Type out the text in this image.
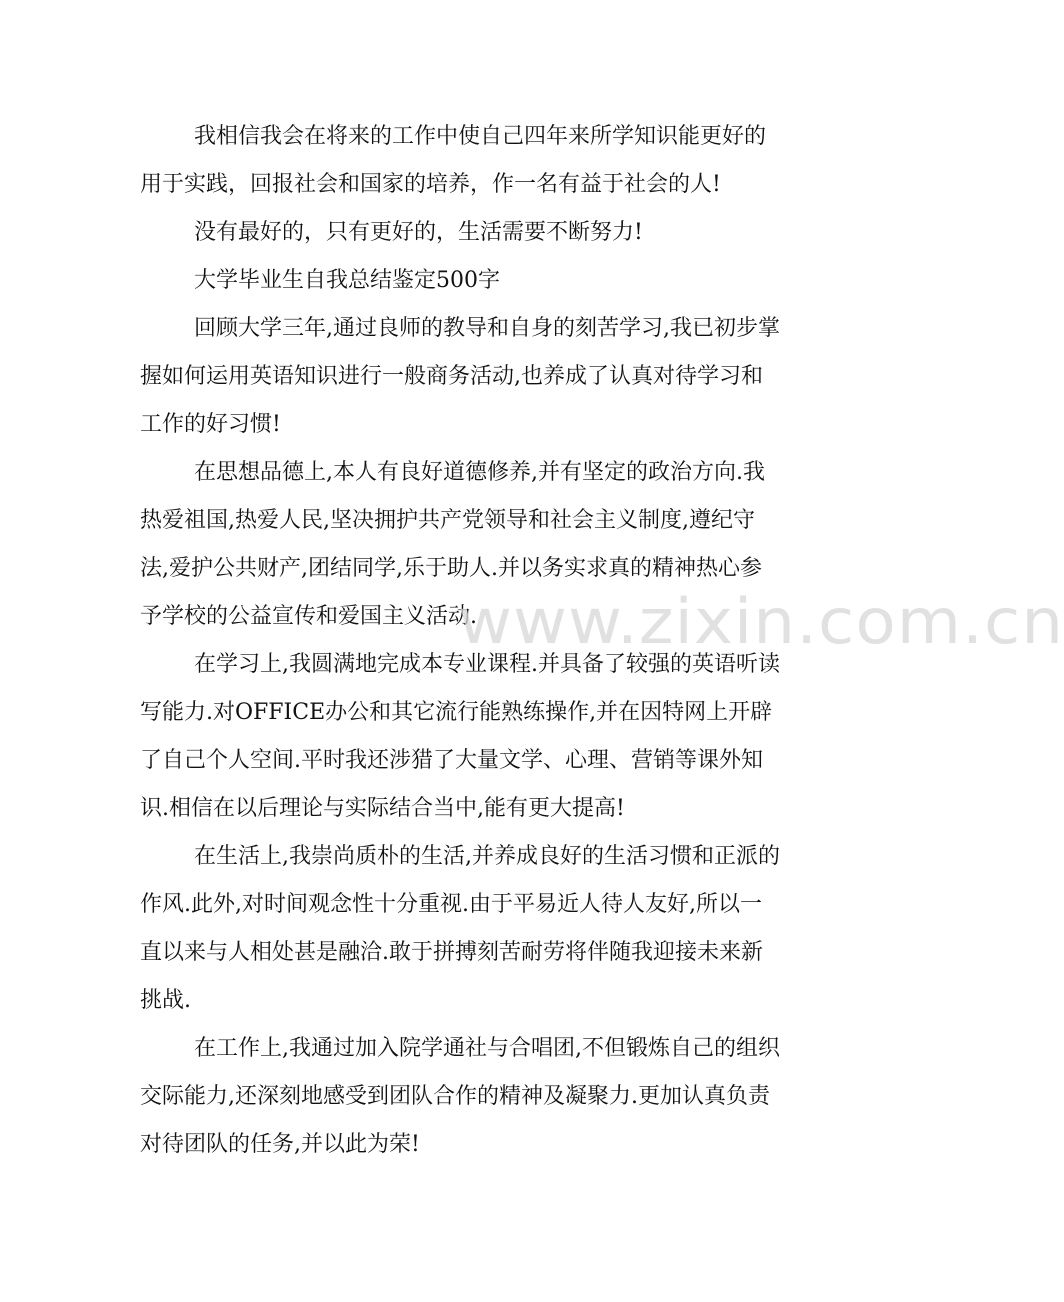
我相信我会在将来的工作中使自己四年来所学知识能更好的用于实践，回报社会和国家的培养，作一名有益于社会的人!

没有最好的，只有更好的，生活需要不断努力!

大学毕业生自我总结鉴定500字

回顾大学三年,通过良师的教导和自身的刻苦学习,我已初步掌握如何运用英语知识进行一般商务活动,也养成了认真对待学习和工作的好习惯!

在思想品德上,本人有良好道德修养,并有坚定的政治方向.我热爱祖国,热爱人民,坚决拥护共产党领导和社会主义制度,遵纪守法,爱护公共财产,团结同学,乐于助人.并以务实求真的精神热心参予学校的公益宣传和爱国主义活动.

在学习上,我圆满地完成本专业课程.并具备了较强的英语听读写能力.对OFFICE办公和其它流行能熟练操作,并在因特网上开辟了自己个人空间.平时我还涉猎了大量文学、心理、营销等课外知识.相信在以后理论与实际结合当中,能有更大提高!

在生活上,我崇尚质朴的生活,并养成良好的生活习惯和正派的作风.此外,对时间观念性十分重视.由于平易近人待人友好,所以一直以来与人相处甚是融洽.敢于拼搏刻苦耐劳将伴随我迎接未来新挑战.

在工作上,我通过加入院学通社与合唱团,不但锻炼自己的组织交际能力,还深刻地感受到团队合作的精神及凝聚力.更加认真负责对待团队的任务,并以此为荣!

www.zixin.com.cn
